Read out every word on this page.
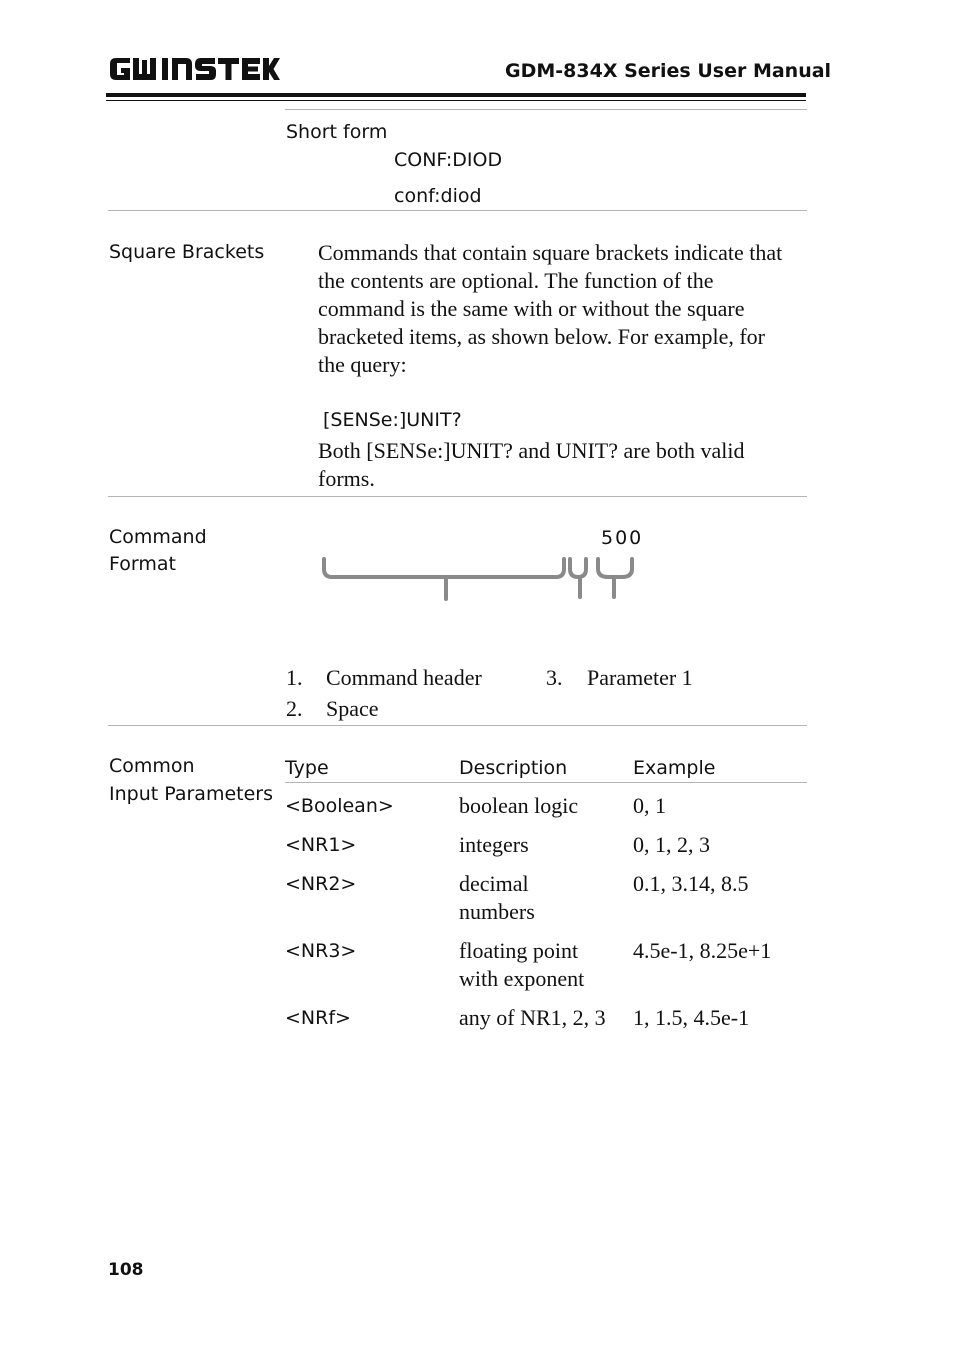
GDM-834X Series User Manual
Short form
CONF:DIOD
conf:diod
Square Brackets Commands that contain square brackets indicate that the contents are optional. The function of the command is the same with or without the square bracketed items, as shown below. For example, for the query:
[SENSe:]UNIT?
Both [SENSe:]UNIT? and UNIT? are both valid forms.
Command
Format
500
1. Command header	3. Parameter 1
2. Space
Common
Input Parameters
Type	Description	Example
<Boolean>	boolean logic	0, 1
<NR1>	integers	0, 1, 2, 3
<NR2>	decimal numbers	0.1, 3.14, 8.5
<NR3>	floating point with exponent	4.5e-1, 8.25e+1
<NRf>	any of NR1, 2, 3	1, 1.5, 4.5e-1
108
